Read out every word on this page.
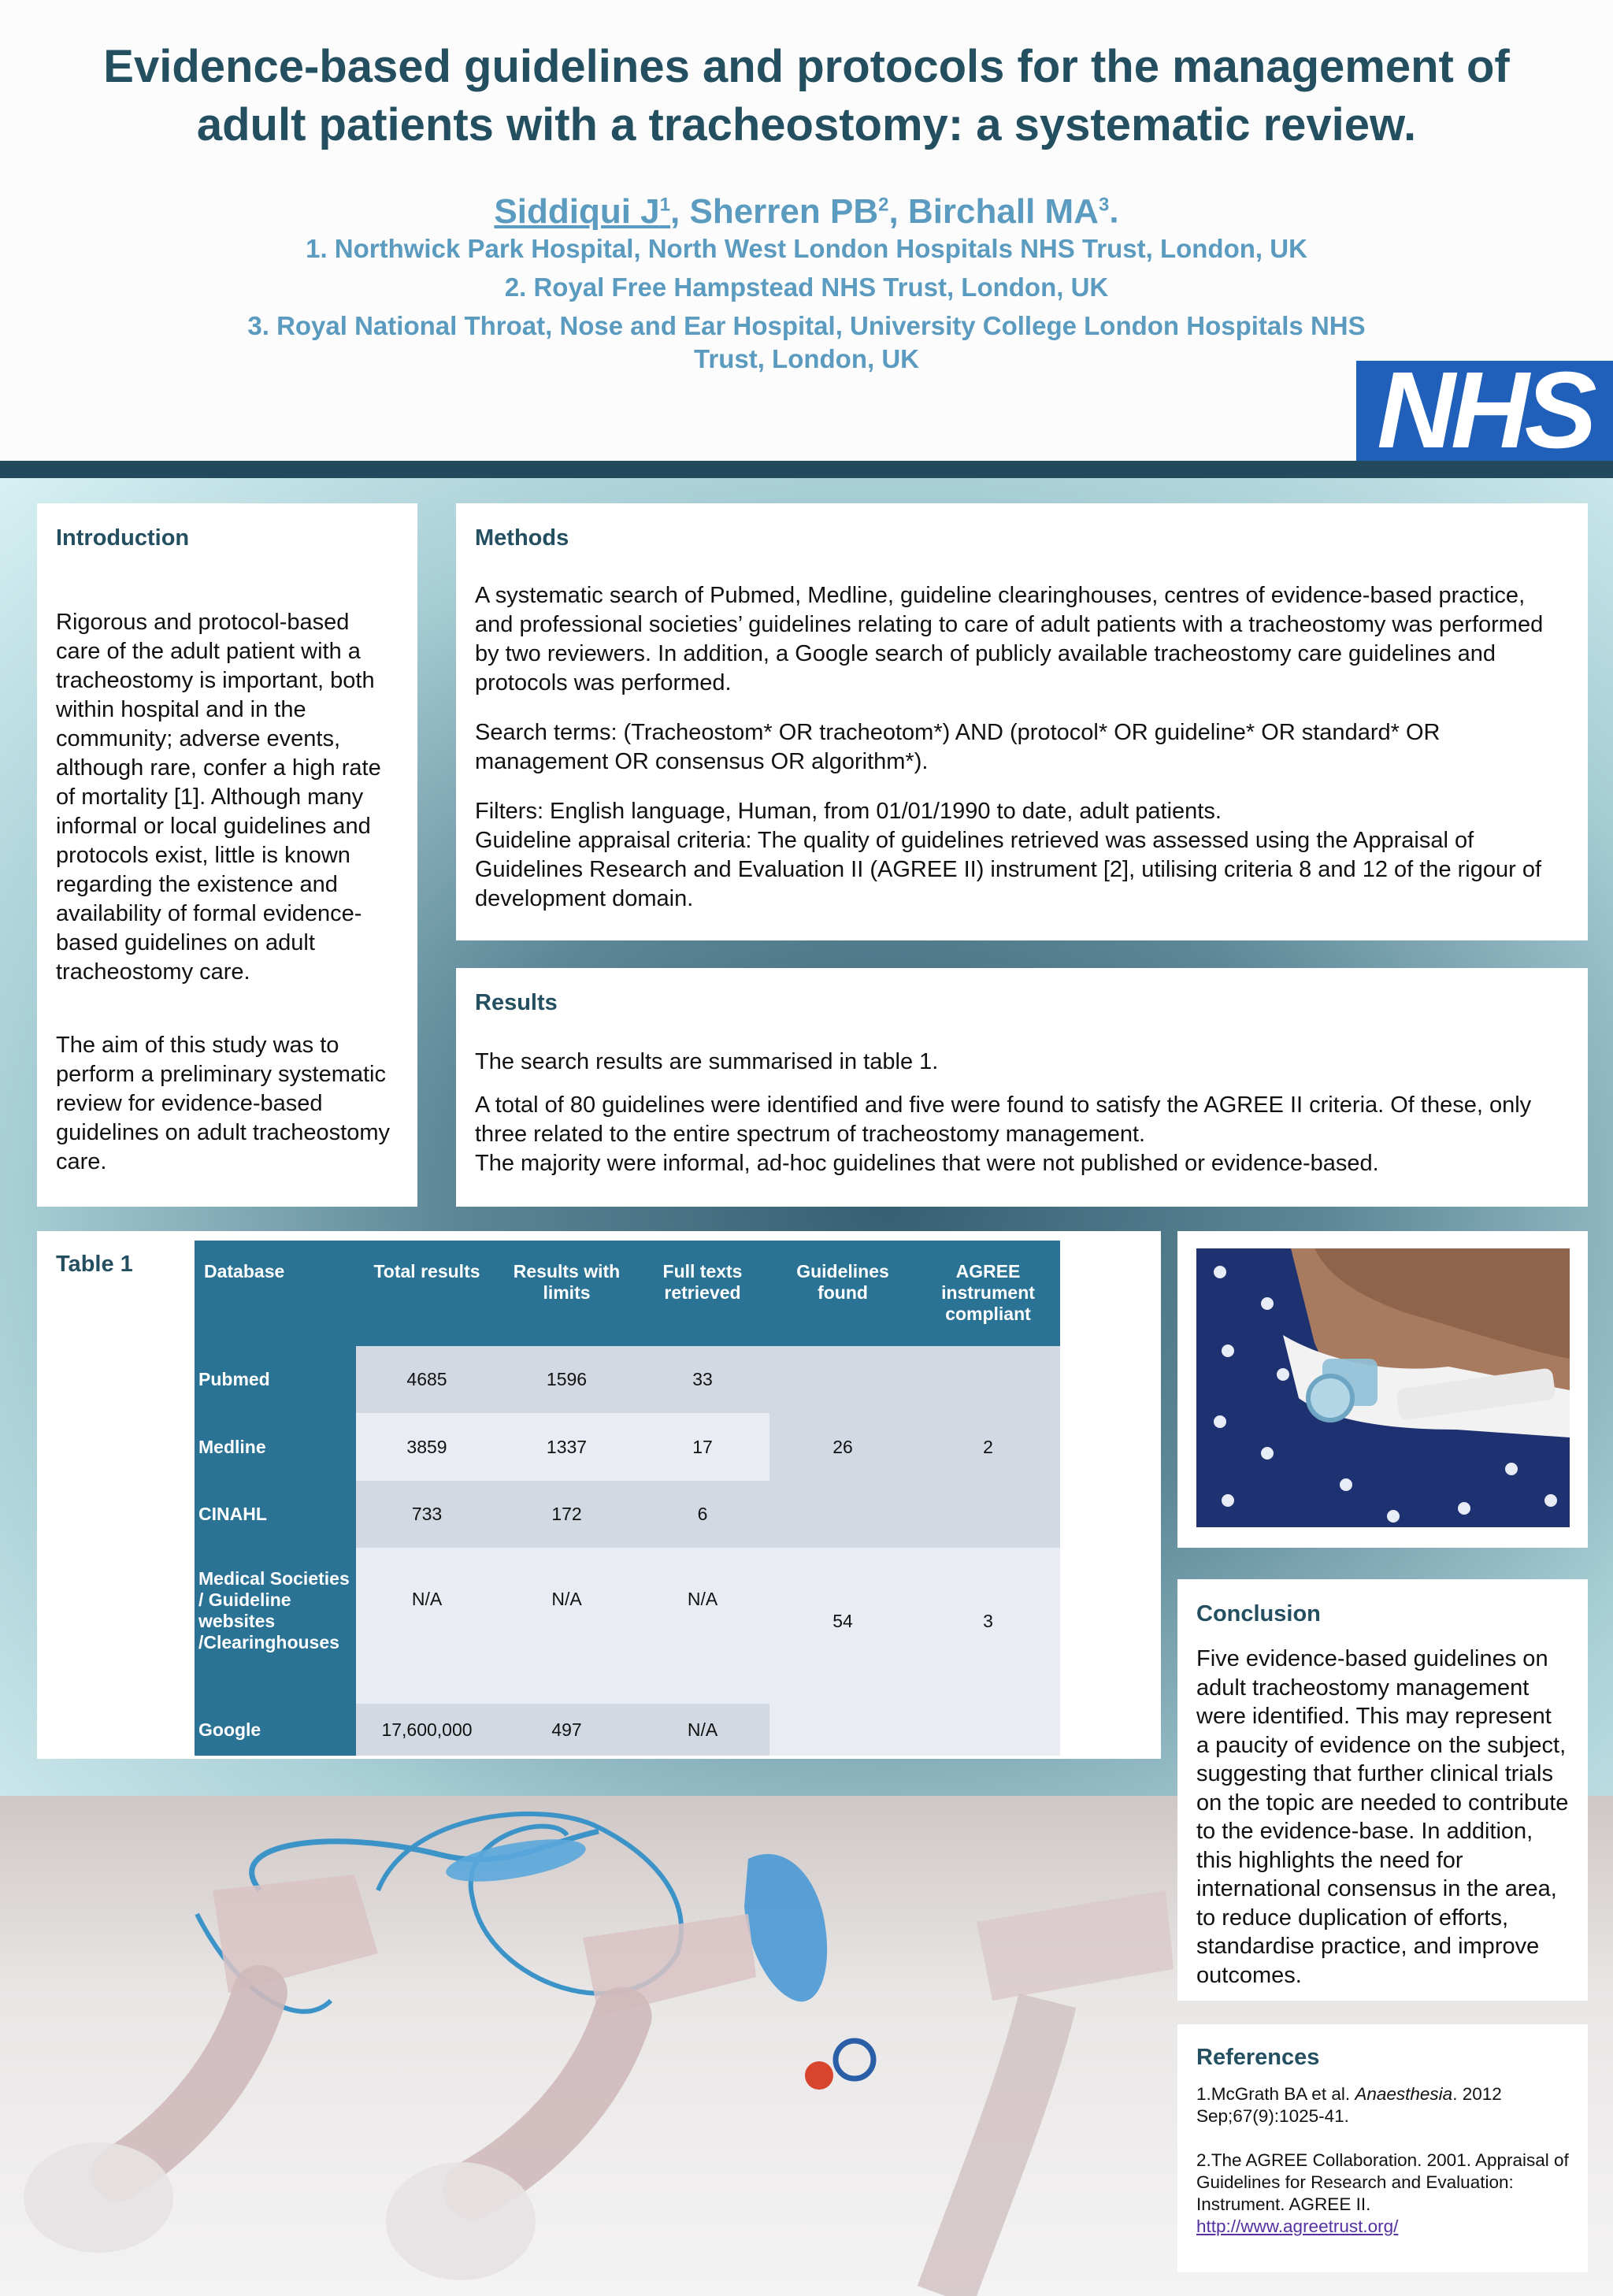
Evidence-based guidelines and protocols for the management of
adult patients with a tracheostomy: a systematic review.
Siddiqui $J^1$, Sherren $PB^2$, Birchall $MA^3$.
1. Northwick Park Hospital, North West London Hospitals NHS Trust, London, UK
2. Royal Free Hampstead NHS Trust, London, UK
3. Royal National Throat, Nose and Ear Hospital, University College London Hospitals NHS
Trust, London, UK	NHS
Introduction

Rigorous and protocol-based care of the adult patient with a tracheostomy is important, both within hospital and in the community; adverse events, although rare, confer a high rate of mortality [1]. Although many informal or local guidelines and protocols exist, little is known regarding the existence and availability of formal evidence-based guidelines on adult tracheostomy care.

The aim of this study was to perform a preliminary systematic review for evidence-based guidelines on adult tracheostomy care.

Methods

A systematic search of Pubmed, Medline, guideline clearinghouses, centres of evidence-based practice, and professional societies’ guidelines relating to care of adult patients with a tracheostomy was performed by two reviewers. In addition, a Google search of publicly available tracheostomy care guidelines and protocols was performed.

Search terms: (Tracheostom* OR tracheotom*) AND (protocol* OR guideline* OR standard* OR management OR consensus OR algorithm*).

Filters: English language, Human, from 01/01/1990 to date, adult patients.

Guideline appraisal criteria: The quality of guidelines retrieved was assessed using the Appraisal of Guidelines Research and Evaluation II (AGREE II) instrument [2], utilising criteria 8 and 12 of the rigour of development domain.

Results

The search results are summarised in table 1.

A total of 80 guidelines were identified and five were found to satisfy the AGREE II criteria. Of these, only three related to the entire spectrum of tracheostomy management.

The majority were informal, ad-hoc guidelines that were not published or evidence-based.

Table 1	Database	Total results	Results with limits	Full texts retrieved	Guidelines found	AGREE instrument compliant
Pubmed	4685	1596	33	26	2
Medline	3859	1337	17		
CINAHL	733	172	6		
Medical Societies / Guideline websites /Clearinghouses	N/A	N/A	N/A	54	3
Google	17,600,000	497	N/A		
Conclusion

Five evidence-based guidelines on adult tracheostomy management were identified. This may represent a paucity of evidence on the subject, suggesting that further clinical trials on the topic are needed to contribute to the evidence-base. In addition, this highlights the need for international consensus in the area, to reduce duplication of efforts, standardise practice, and improve outcomes.

References
1.McGrath BA et al. Anaesthesia. 2012 Sep;67(9):1025-41.
2.The AGREE Collaboration. 2001. Appraisal of Guidelines for Research and Evaluation: Instrument. AGREE II.
http://www.agreetrust.org/
